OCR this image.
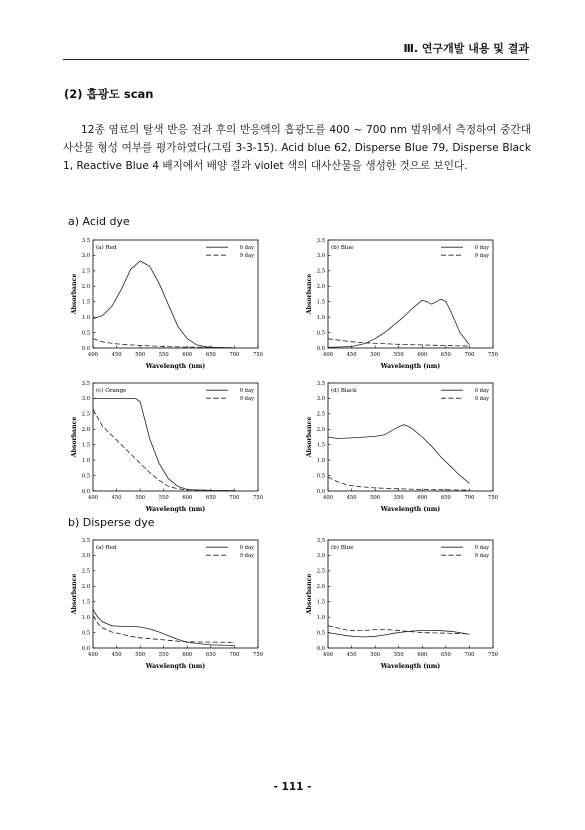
Ⅲ. 연구개발 내용 및 결과
(2) 흡광도 scan
12종 염료의 탈색 반응 전과 후의 반응액의 흡광도를 400 ~ 700 nm 범위에서 측정하여 중간대사산물 형성 여부를 평가하였다(그림 3-3-15). Acid blue 62, Disperse Blue 79, Disperse Black 1, Reactive Blue 4 배지에서 배양 결과 violet 색의 대사산물을 생성한 것으로 보인다.
a) Acid dye
400	450	500	550	600	650	700	750
0.0
0.5
1.0
1.5
2.0
2.5
3.0
3.5
Wavelength (nm)
Absorbance
(a) Red	0 day
9 day
400	450	500	550	600	650	700	750
0.0
0.5
1.0
1.5
2.0
2.5
3.0
3.5
Wavelength (nm)
Absorbance
(b) Blue	0 day
9 day
400	450	500	550	600	650	700	750
0.0
0.5
1.0
1.5
2.0
2.5
3.0
3.5
Wavelength (nm)
Absorbance
(c) Orange	0 day
9 day
400	450	500	550	600	650	700	750
0.0
0.5
1.0
1.5
2.0
2.5
3.0
3.5
Wavelength (nm)
Absorbance
(d) Black	0 day
9 day
b) Disperse dye
400	450	500	550	600	650	700	750
0.0
0.5
1.0
1.5
2.0
2.5
3.0
3.5
Wavelength (nm)
Absorbance
(a) Red	0 day
9 day
400	450	500	550	600	650	700	750
0.0
0.5
1.0
1.5
2.0
2.5
3.0
3.5
Wavelength (nm)
Absorbance
(b) Blue	0 day
9 day
- 111 -
